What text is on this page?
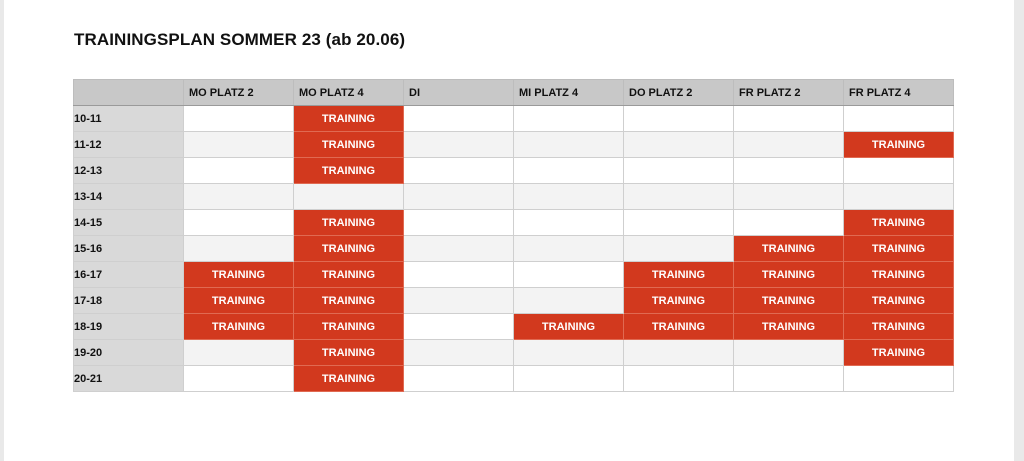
TRAININGSPLAN SOMMER 23 (ab 20.06)
	MO PLATZ 2	MO PLATZ 4	DI	MI PLATZ 4	DO PLATZ 2	FR PLATZ 2	FR PLATZ 4
10-11		TRAINING					
11-12		TRAINING					TRAINING
12-13		TRAINING					
13-14							
14-15		TRAINING					TRAINING
15-16		TRAINING				TRAINING	TRAINING
16-17	TRAINING	TRAINING			TRAINING	TRAINING	TRAINING
17-18	TRAINING	TRAINING			TRAINING	TRAINING	TRAINING
18-19	TRAINING	TRAINING		TRAINING	TRAINING	TRAINING	TRAINING
19-20		TRAINING					TRAINING
20-21		TRAINING					
